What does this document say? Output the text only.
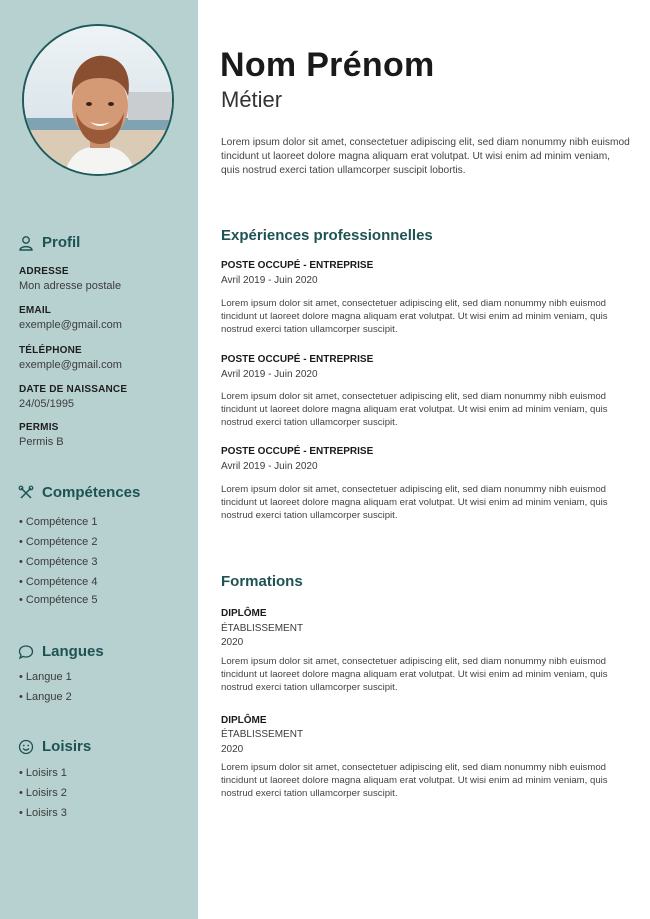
Profil
ADRESSE
Mon adresse postale
EMAIL
exemple@gmail.com
TÉLÉPHONE
exemple@gmail.com
DATE DE NAISSANCE
24/05/1995
PERMIS
Permis B
Compétences
• Compétence 1
• Compétence 2
• Compétence 3
• Compétence 4
• Compétence 5
Langues
• Langue 1
• Langue 2
Loisirs
• Loisirs 1
• Loisirs 2
• Loisirs 3
Nom Prénom
Métier
Lorem ipsum dolor sit amet, consectetuer adipiscing elit, sed diam nonummy nibh euismod tincidunt ut laoreet dolore magna aliquam erat volutpat. Ut wisi enim ad minim veniam, quis nostrud exerci tation ullamcorper suscipit lobortis.
Expériences professionnelles
POSTE OCCUPÉ - ENTREPRISE
Avril 2019 - Juin 2020
Lorem ipsum dolor sit amet, consectetuer adipiscing elit, sed diam nonummy nibh euismod tincidunt ut laoreet dolore magna aliquam erat volutpat. Ut wisi enim ad minim veniam, quis nostrud exerci tation ullamcorper suscipit.
POSTE OCCUPÉ - ENTREPRISE
Avril 2019 - Juin 2020
Lorem ipsum dolor sit amet, consectetuer adipiscing elit, sed diam nonummy nibh euismod tincidunt ut laoreet dolore magna aliquam erat volutpat. Ut wisi enim ad minim veniam, quis nostrud exerci tation ullamcorper suscipit.
POSTE OCCUPÉ - ENTREPRISE
Avril 2019 - Juin 2020
Lorem ipsum dolor sit amet, consectetuer adipiscing elit, sed diam nonummy nibh euismod tincidunt ut laoreet dolore magna aliquam erat volutpat. Ut wisi enim ad minim veniam, quis nostrud exerci tation ullamcorper suscipit.
Formations
DIPLÔME
ÉTABLISSEMENT
2020
Lorem ipsum dolor sit amet, consectetuer adipiscing elit, sed diam nonummy nibh euismod tincidunt ut laoreet dolore magna aliquam erat volutpat. Ut wisi enim ad minim veniam, quis nostrud exerci tation ullamcorper suscipit.
DIPLÔME
ÉTABLISSEMENT
2020
Lorem ipsum dolor sit amet, consectetuer adipiscing elit, sed diam nonummy nibh euismod tincidunt ut laoreet dolore magna aliquam erat volutpat. Ut wisi enim ad minim veniam, quis nostrud exerci tation ullamcorper suscipit.
